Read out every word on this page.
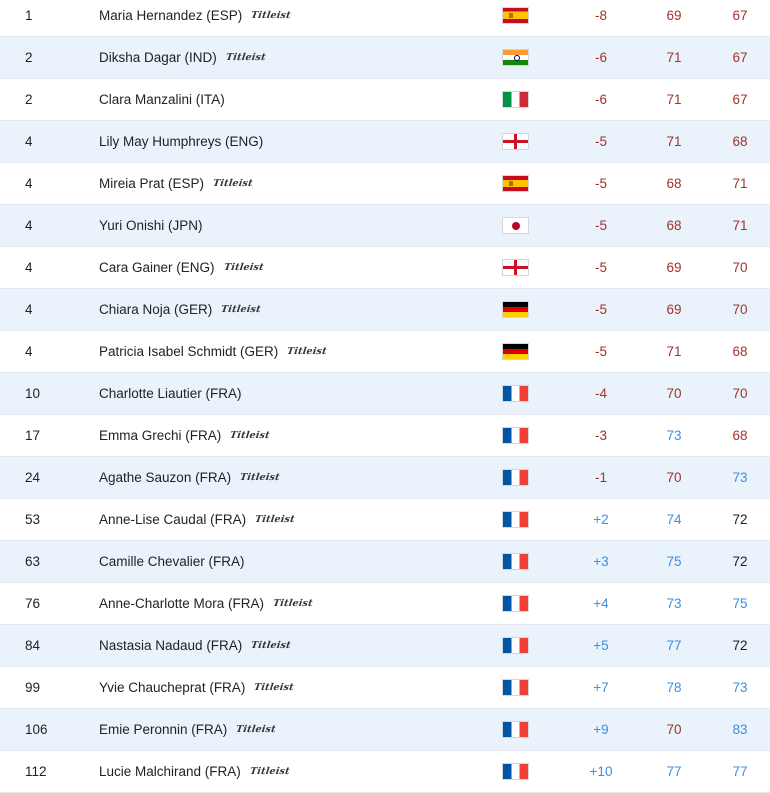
1	Maria Hernandez (ESP) Titleist	-8	69	67
2	Diksha Dagar (IND) Titleist	-6	71	67
2	Clara Manzalini (ITA)	-6	71	67
4	Lily May Humphreys (ENG)	-5	71	68
4	Mireia Prat (ESP) Titleist	-5	68	71
4	Yuri Onishi (JPN)	-5	68	71
4	Cara Gainer (ENG) Titleist	-5	69	70
4	Chiara Noja (GER) Titleist	-5	69	70
4	Patricia Isabel Schmidt (GER) Titleist	-5	71	68
10	Charlotte Liautier (FRA)	-4	70	70
17	Emma Grechi (FRA) Titleist	-3	73	68
24	Agathe Sauzon (FRA) Titleist	-1	70	73
53	Anne-Lise Caudal (FRA) Titleist	+2	74	72
63	Camille Chevalier (FRA)	+3	75	72
76	Anne-Charlotte Mora (FRA) Titleist	+4	73	75
84	Nastasia Nadaud (FRA) Titleist	+5	77	72
99	Yvie Chaucheprat (FRA) Titleist	+7	78	73
106	Emie Peronnin (FRA) Titleist	+9	70	83
112	Lucie Malchirand (FRA) Titleist	+10	77	77
